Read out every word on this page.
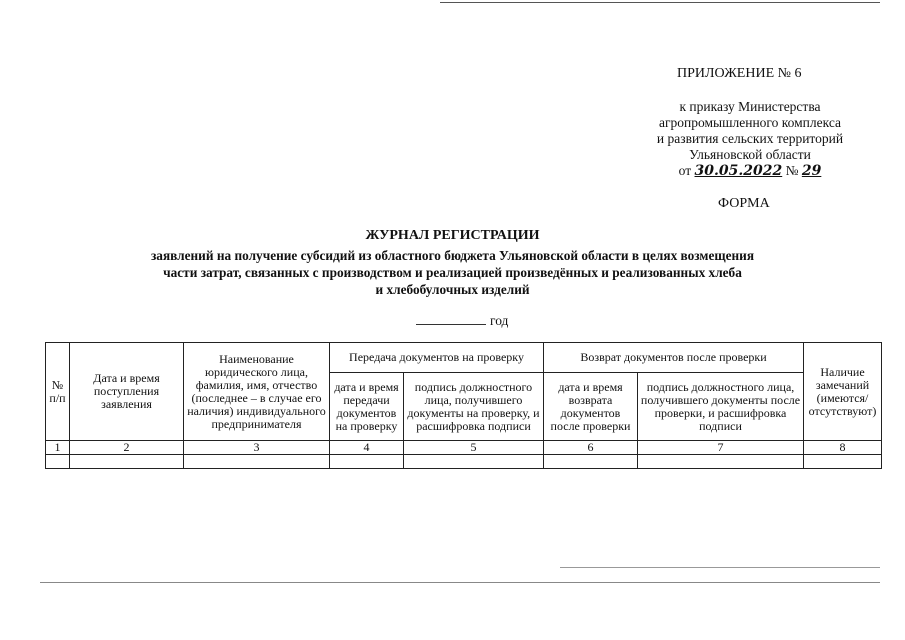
ПРИЛОЖЕНИЕ № 6
к приказу Министерства
агропромышленного комплекса
и развития сельских территорий
Ульяновской области
от 30.05.2022 № 29
ФОРМА
ЖУРНАЛ РЕГИСТРАЦИИ
заявлений на получение субсидий из областного бюджета Ульяновской области в целях возмещения
части затрат, связанных с производством и реализацией произведённых и реализованных хлеба
и хлебобулочных изделий
год
№ п/п	Дата и время поступления заявления	Наименование юридического лица, фамилия, имя, отчество (последнее – в случае его наличия) индивидуального предпринимателя	Передача документов на проверку		Возврат документов после проверки		Наличие замечаний (имеются/ отсутствуют)
			дата и время передачи документов на проверку	подпись должностного лица, получившего документы на проверку, и расшифровка подписи	дата и время возврата документов после проверки	подпись должностного лица, получившего документы после проверки, и расшифровка подписи	
1	2	3	4	5	6	7	8
